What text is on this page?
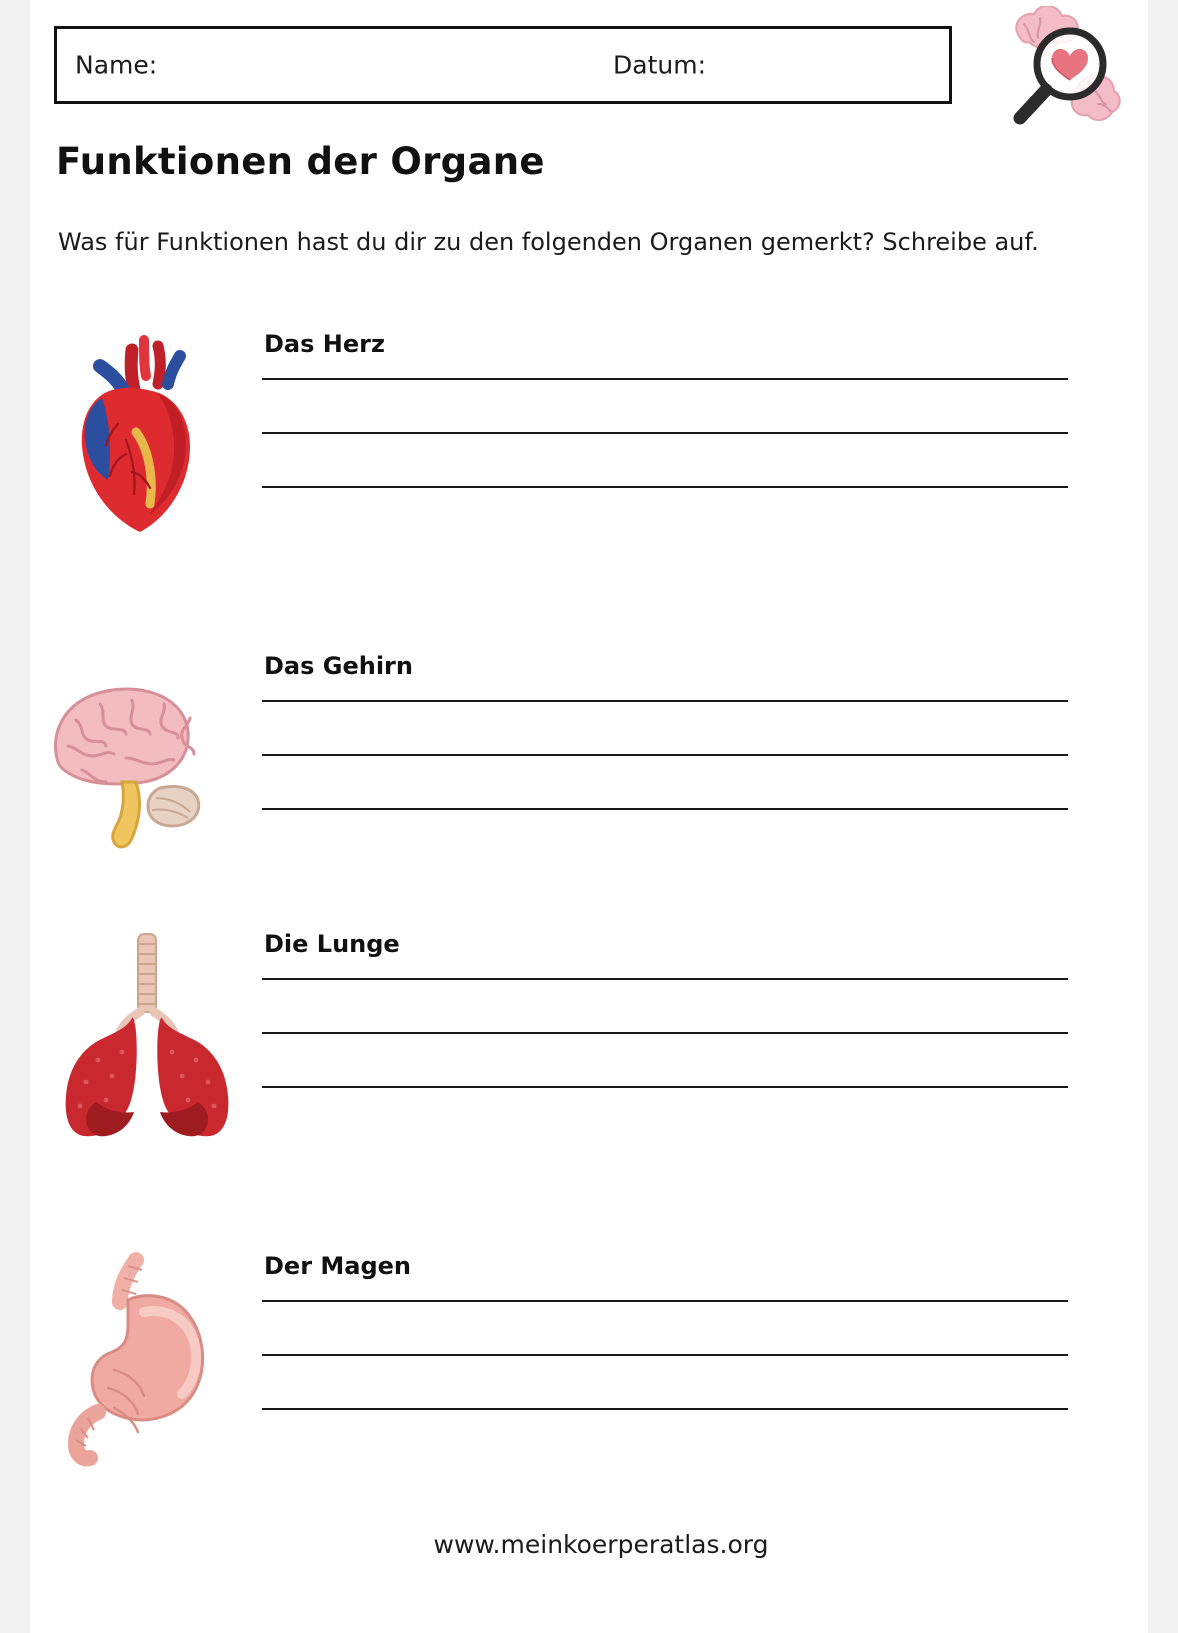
Name:	Datum:
Funktionen der Organe
Was für Funktionen hast du dir zu den folgenden Organen gemerkt? Schreibe auf.
Das Herz
Das Gehirn
Die Lunge
Der Magen
www.meinkoerperatlas.org
